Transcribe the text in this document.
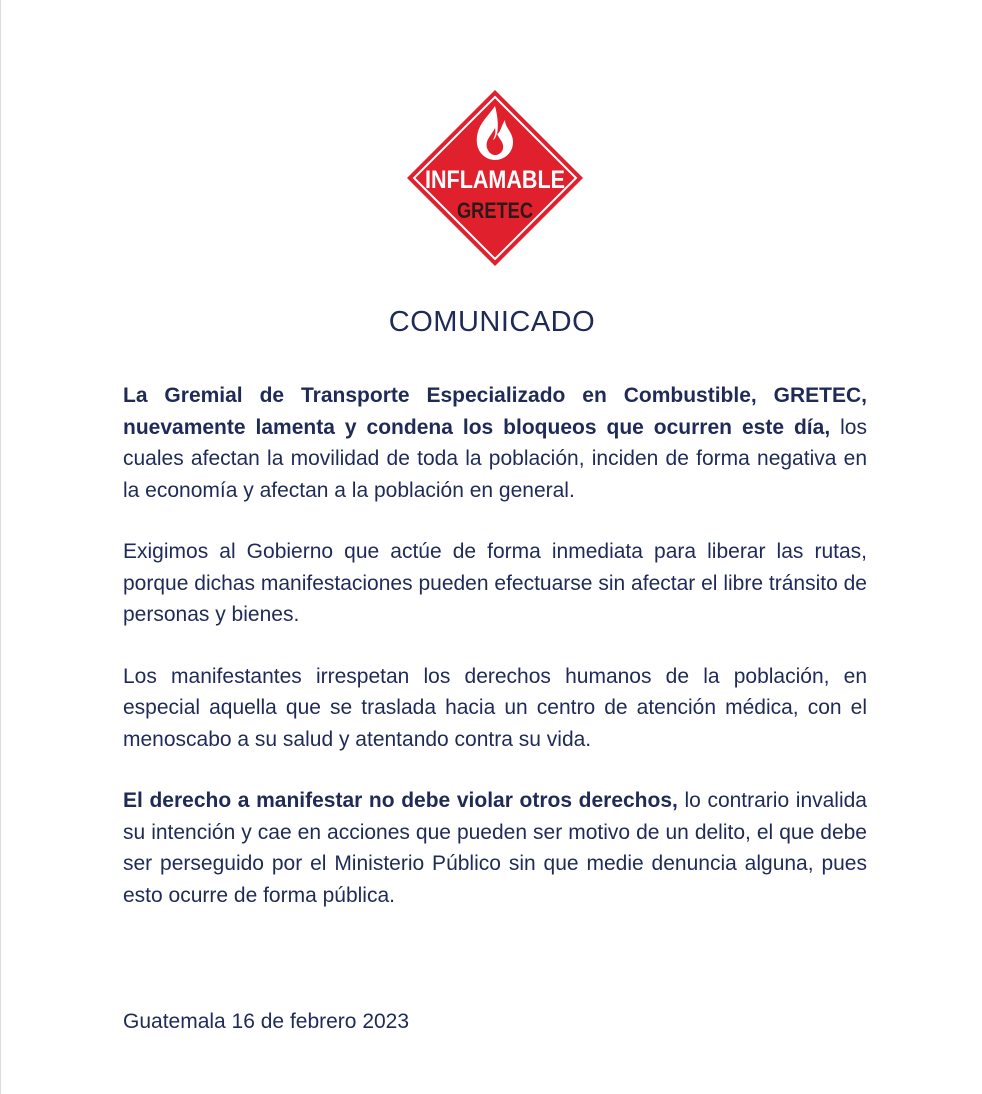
INFLAMABLE
GRETEC
COMUNICADO

La Gremial de Transporte Especializado en Combustible, GRETEC, nuevamente lamenta y condena los bloqueos que ocurren este día, los cuales afectan la movilidad de toda la población, inciden de forma negativa en la economía y afectan a la población en general.

Exigimos al Gobierno que actúe de forma inmediata para liberar las rutas, porque dichas manifestaciones pueden efectuarse sin afectar el libre tránsito de personas y bienes.

Los manifestantes irrespetan los derechos humanos de la población, en especial aquella que se traslada hacia un centro de atención médica, con el menoscabo a su salud y atentando contra su vida.

El derecho a manifestar no debe violar otros derechos, lo contrario invalida su intención y cae en acciones que pueden ser motivo de un delito, el que debe ser perseguido por el Ministerio Público sin que medie denuncia alguna, pues esto ocurre de forma pública.

Guatemala 16 de febrero 2023
